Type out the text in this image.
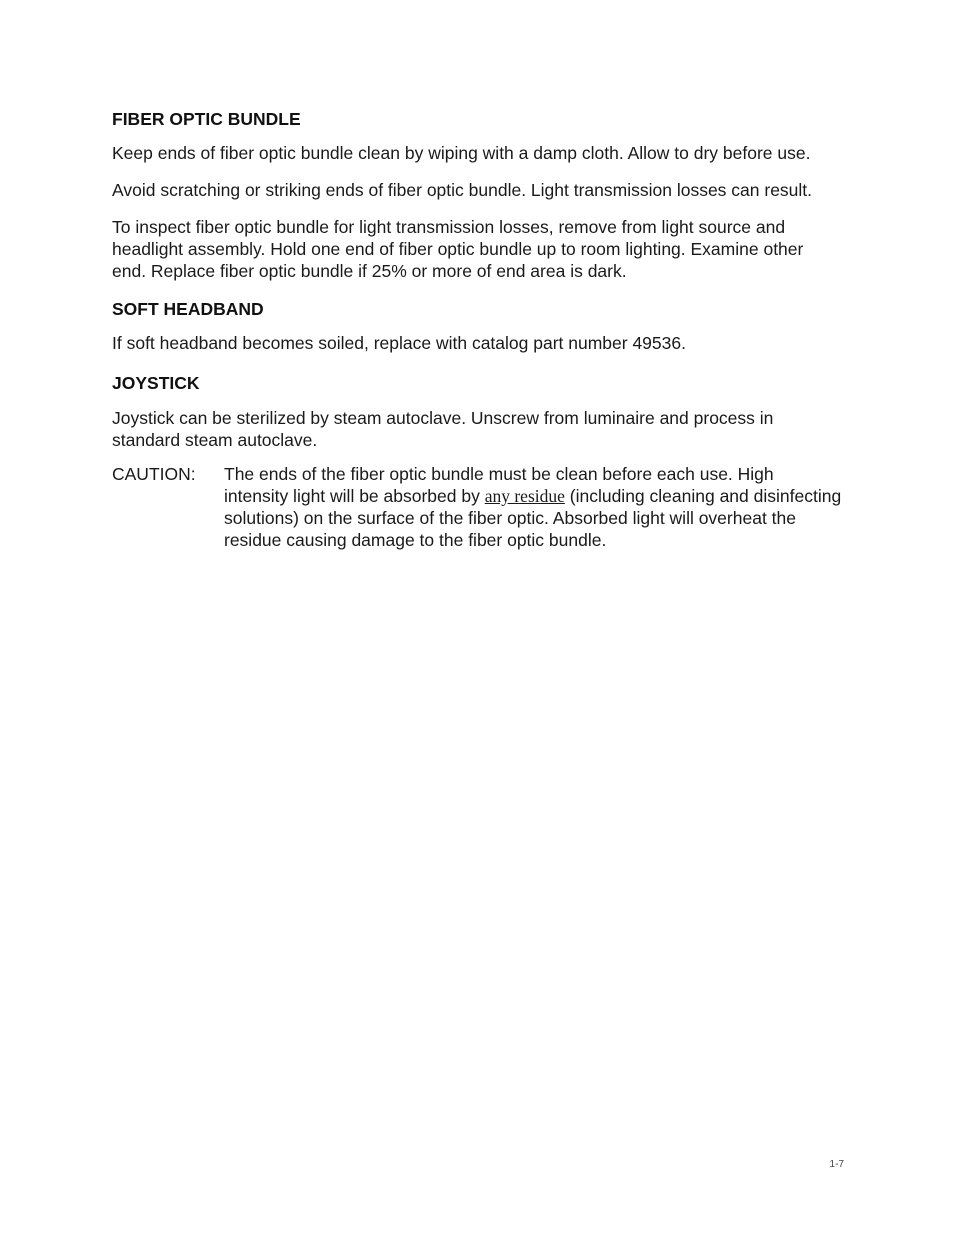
FIBER OPTIC BUNDLE

Keep ends of fiber optic bundle clean by wiping with a damp cloth. Allow to dry before use.

Avoid scratching or striking ends of fiber optic bundle. Light transmission losses can result.

To inspect fiber optic bundle for light transmission losses, remove from light source and headlight assembly. Hold one end of fiber optic bundle up to room lighting. Examine other end. Replace fiber optic bundle if 25% or more of end area is dark.

SOFT HEADBAND

If soft headband becomes soiled, replace with catalog part number 49536.

JOYSTICK

Joystick can be sterilized by steam autoclave. Unscrew from luminaire and process in standard steam autoclave.

CAUTION:	The ends of the fiber optic bundle must be clean before each use. High intensity light will be absorbed by any residue (including cleaning and disinfecting solutions) on the surface of the fiber optic. Absorbed light will overheat the residue causing damage to the fiber optic bundle.
1-7
